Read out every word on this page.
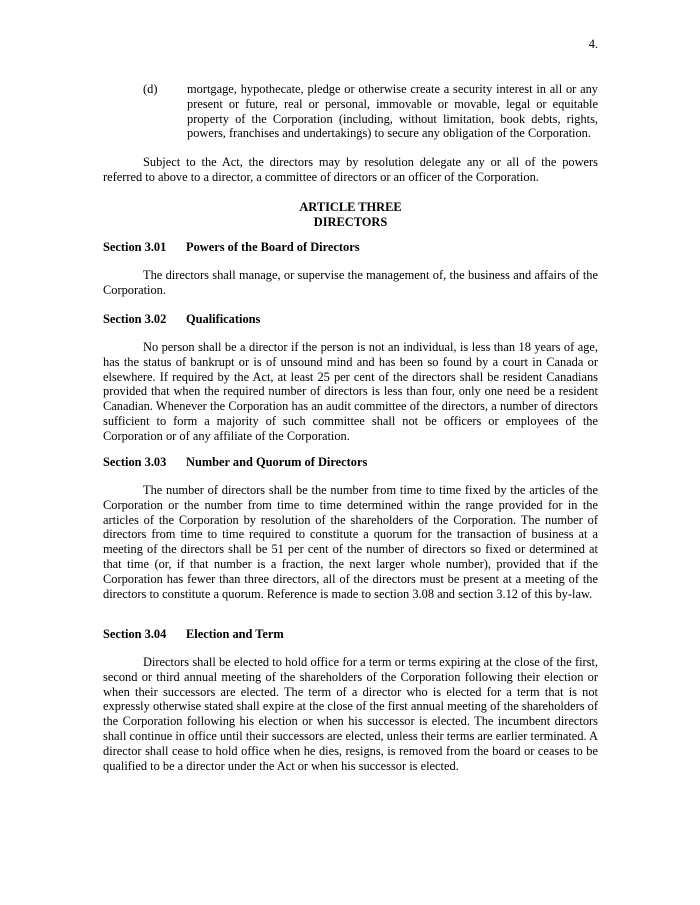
4.
(d)	mortgage, hypothecate, pledge or otherwise create a security interest in all or any present or future, real or personal, immovable or movable, legal or equitable property of the Corporation (including, without limitation, book debts, rights, powers, franchises and undertakings) to secure any obligation of the Corporation.

Subject to the Act, the directors may by resolution delegate any or all of the powers referred to above to a director, a committee of directors or an officer of the Corporation.

ARTICLE THREE

DIRECTORS

Section 3.01 Powers of the Board of Directors

The directors shall manage, or supervise the management of, the business and affairs of the Corporation.

Section 3.02 Qualifications

No person shall be a director if the person is not an individual, is less than 18 years of age, has the status of bankrupt or is of unsound mind and has been so found by a court in Canada or elsewhere. If required by the Act, at least 25 per cent of the directors shall be resident Canadians provided that when the required number of directors is less than four, only one need be a resident Canadian. Whenever the Corporation has an audit committee of the directors, a number of directors sufficient to form a majority of such committee shall not be officers or employees of the Corporation or of any affiliate of the Corporation.

Section 3.03 Number and Quorum of Directors

The number of directors shall be the number from time to time fixed by the articles of the Corporation or the number from time to time determined within the range provided for in the articles of the Corporation by resolution of the shareholders of the Corporation. The number of directors from time to time required to constitute a quorum for the transaction of business at a meeting of the directors shall be 51 per cent of the number of directors so fixed or determined at that time (or, if that number is a fraction, the next larger whole number), provided that if the Corporation has fewer than three directors, all of the directors must be present at a meeting of the directors to constitute a quorum. Reference is made to section 3.08 and section 3.12 of this by-law.

Section 3.04 Election and Term

Directors shall be elected to hold office for a term or terms expiring at the close of the first, second or third annual meeting of the shareholders of the Corporation following their election or when their successors are elected. The term of a director who is elected for a term that is not expressly otherwise stated shall expire at the close of the first annual meeting of the shareholders of the Corporation following his election or when his successor is elected. The incumbent directors shall continue in office until their successors are elected, unless their terms are earlier terminated. A director shall cease to hold office when he dies, resigns, is removed from the board or ceases to be qualified to be a director under the Act or when his successor is elected.
